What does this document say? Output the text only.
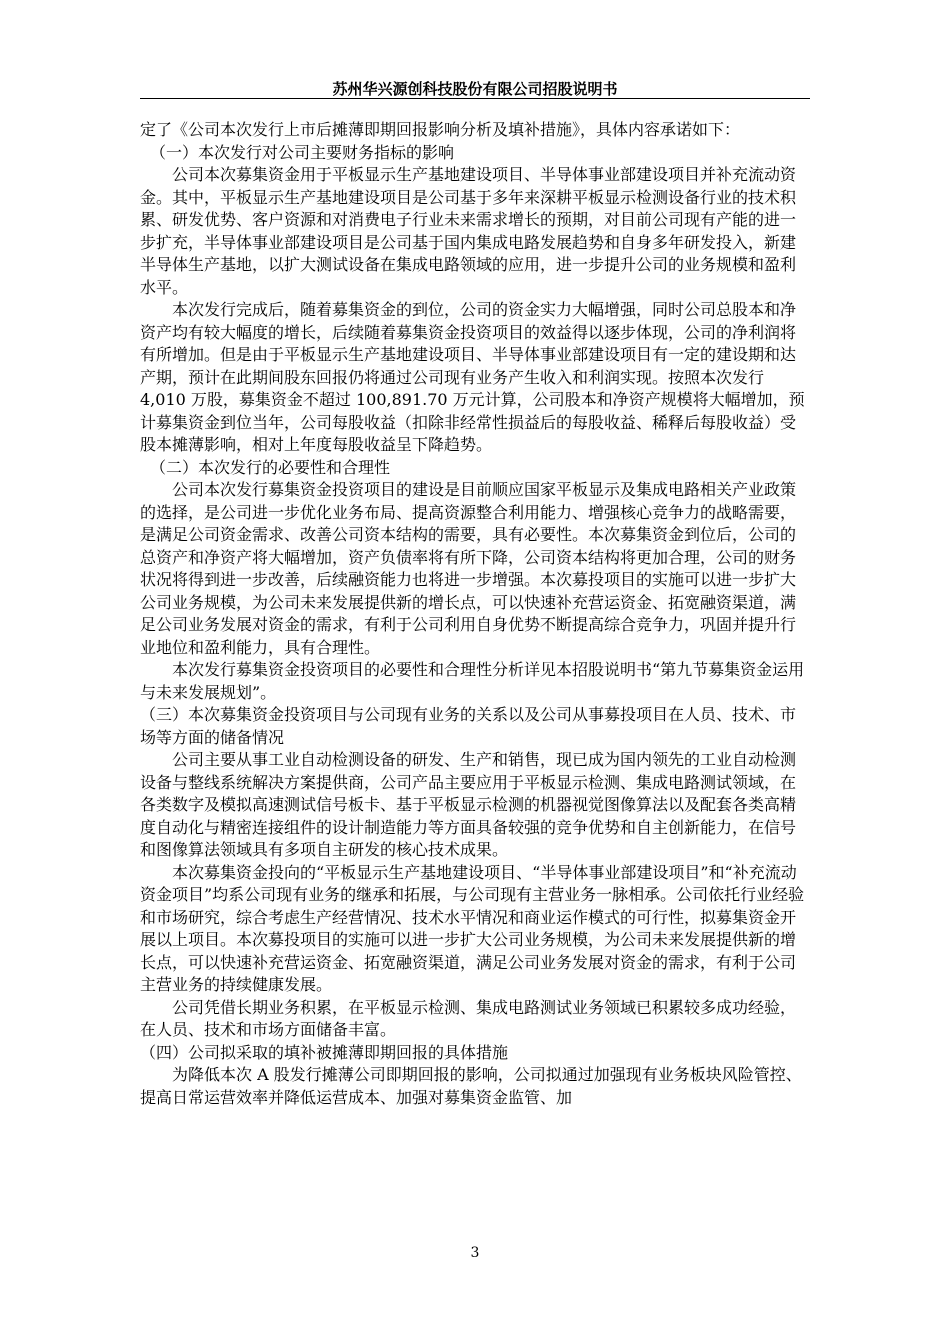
苏州华兴源创科技股份有限公司招股说明书

定了《公司本次发行上市后摊薄即期回报影响分析及填补措施》，具体内容承诺如下：

（一）本次发行对公司主要财务指标的影响

公司本次募集资金用于平板显示生产基地建设项目、半导体事业部建设项目并补充流动资金。其中，平板显示生产基地建设项目是公司基于多年来深耕平板显示检测设备行业的技术积累、研发优势、客户资源和对消费电子行业未来需求增长的预期，对目前公司现有产能的进一步扩充，半导体事业部建设项目是公司基于国内集成电路发展趋势和自身多年研发投入，新建半导体生产基地，以扩大测试设备在集成电路领域的应用，进一步提升公司的业务规模和盈利水平。

本次发行完成后，随着募集资金的到位，公司的资金实力大幅增强，同时公司总股本和净资产均有较大幅度的增长，后续随着募集资金投资项目的效益得以逐步体现，公司的净利润将有所增加。但是由于平板显示生产基地建设项目、半导体事业部建设项目有一定的建设期和达产期，预计在此期间股东回报仍将通过公司现有业务产生收入和利润实现。按照本次发行 4,010 万股，募集资金不超过 100,891.70 万元计算，公司股本和净资产规模将大幅增加，预计募集资金到位当年，公司每股收益（扣除非经常性损益后的每股收益、稀释后每股收益）受股本摊薄影响，相对上年度每股收益呈下降趋势。

（二）本次发行的必要性和合理性

公司本次发行募集资金投资项目的建设是目前顺应国家平板显示及集成电路相关产业政策的选择，是公司进一步优化业务布局、提高资源整合利用能力、增强核心竞争力的战略需要，是满足公司资金需求、改善公司资本结构的需要，具有必要性。本次募集资金到位后，公司的总资产和净资产将大幅增加，资产负债率将有所下降，公司资本结构将更加合理，公司的财务状况将得到进一步改善，后续融资能力也将进一步增强。本次募投项目的实施可以进一步扩大公司业务规模，为公司未来发展提供新的增长点，可以快速补充营运资金、拓宽融资渠道，满足公司业务发展对资金的需求，有利于公司利用自身优势不断提高综合竞争力，巩固并提升行业地位和盈利能力，具有合理性。

本次发行募集资金投资项目的必要性和合理性分析详见本招股说明书“第九节募集资金运用与未来发展规划”。

（三）本次募集资金投资项目与公司现有业务的关系以及公司从事募投项目在人员、技术、市场等方面的储备情况

公司主要从事工业自动检测设备的研发、生产和销售，现已成为国内领先的工业自动检测设备与整线系统解决方案提供商，公司产品主要应用于平板显示检测、集成电路测试领域，在各类数字及模拟高速测试信号板卡、基于平板显示检测的机器视觉图像算法以及配套各类高精度自动化与精密连接组件的设计制造能力等方面具备较强的竞争优势和自主创新能力，在信号和图像算法领域具有多项自主研发的核心技术成果。

本次募集资金投向的“平板显示生产基地建设项目、“半导体事业部建设项目”和“补充流动资金项目”均系公司现有业务的继承和拓展，与公司现有主营业务一脉相承。公司依托行业经验和市场研究，综合考虑生产经营情况、技术水平情况和商业运作模式的可行性，拟募集资金开展以上项目。本次募投项目的实施可以进一步扩大公司业务规模，为公司未来发展提供新的增长点，可以快速补充营运资金、拓宽融资渠道，满足公司业务发展对资金的需求，有利于公司主营业务的持续健康发展。

公司凭借长期业务积累，在平板显示检测、集成电路测试业务领域已积累较多成功经验，在人员、技术和市场方面储备丰富。

（四）公司拟采取的填补被摊薄即期回报的具体措施

为降低本次 A 股发行摊薄公司即期回报的影响，公司拟通过加强现有业务板块风险管控、提高日常运营效率并降低运营成本、加强对募集资金监管、加

3
